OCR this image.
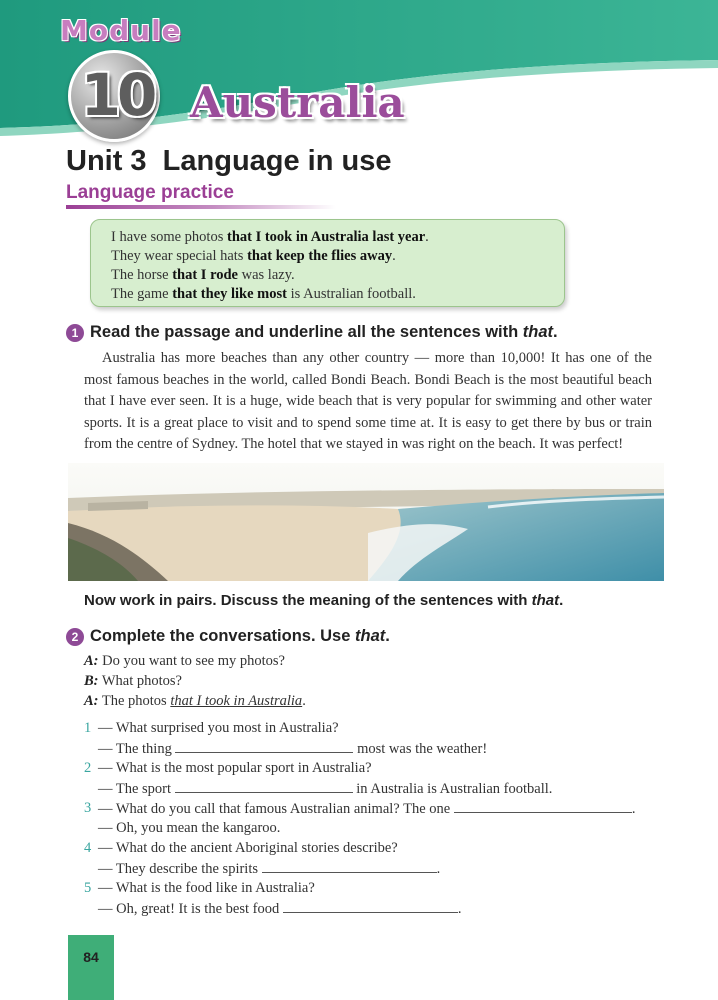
Module
10 Australia
Unit 3  Language in use
Language practice
I have some photos that I took in Australia last year.
They wear special hats that keep the flies away.
The horse that I rode was lazy.
The game that they like most is Australian football.
1 Read the passage and underline all the sentences with that .

Australia has more beaches than any other country — more than 10,000! It has one of the most famous beaches in the world, called Bondi Beach. Bondi Beach is the most beautiful beach that I have ever seen. It is a huge, wide beach that is very popular for swimming and other water sports. It is a great place to visit and to spend some time at. It is easy to get there by bus or train from the centre of Sydney. The hotel that we stayed in was right on the beach. It was perfect!

Now work in pairs. Discuss the meaning of the sentences with that.
2 Complete the conversations. Use that .
A: Do you want to see my photos?
B: What photos?
A: The photos that I took in Australia.
1 — What surprised you most in Australia?
— The thing	most was the weather!
2 — What is the most popular sport in Australia?
— The sport	in Australia is Australian football.
3 — What do you call that famous Australian animal? The one	.
— Oh, you mean the kangaroo.
4 — What do the ancient Aboriginal stories describe?
— They describe the spirits	.
5 — What is the food like in Australia?
— Oh, great! It is the best food	.
84
